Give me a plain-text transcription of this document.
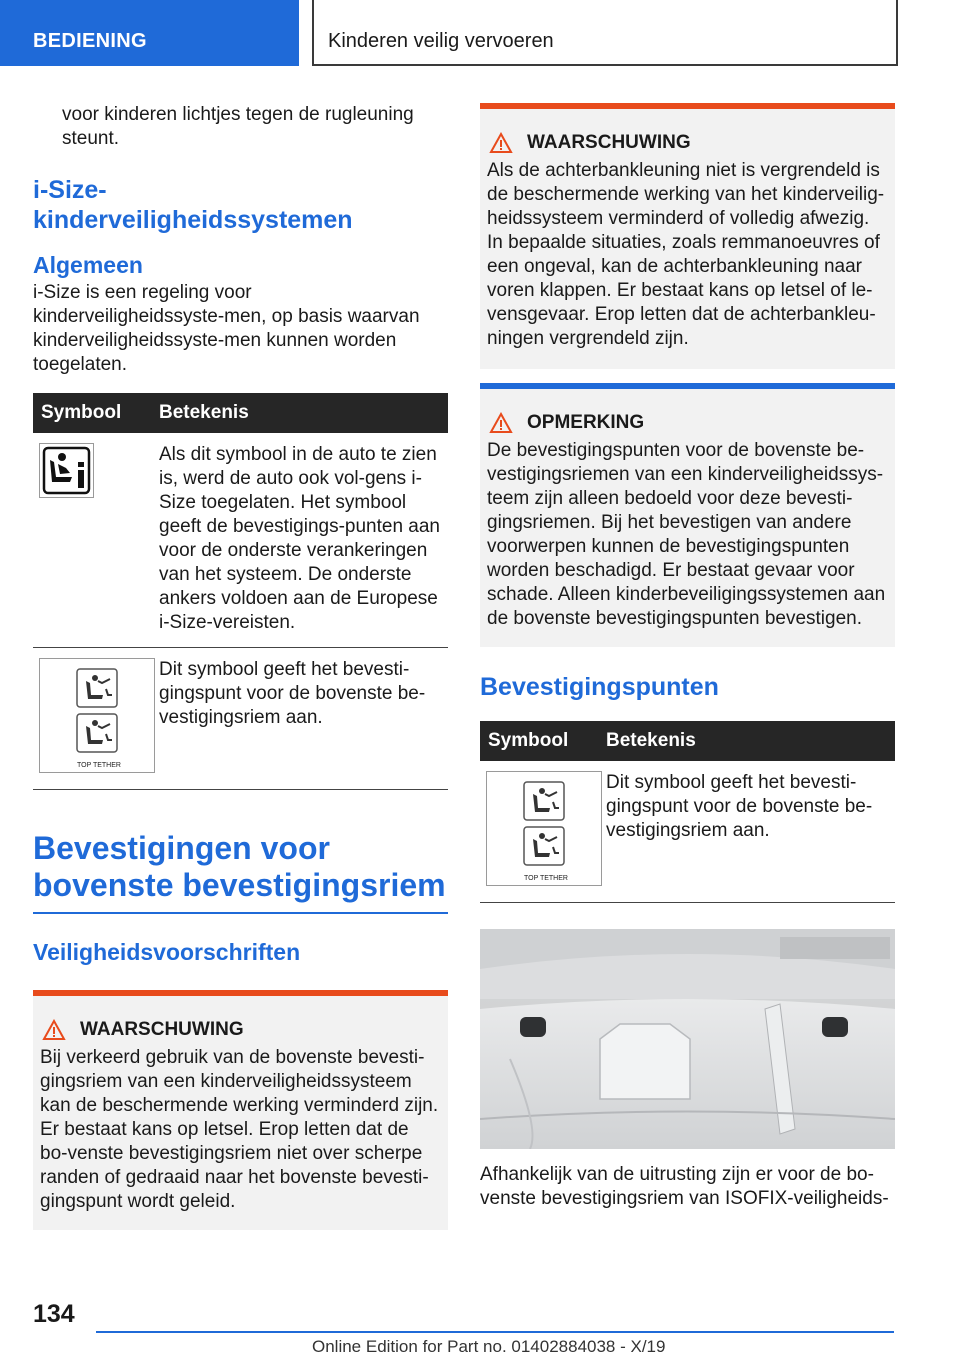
BEDIENING	Kinderen veilig vervoeren

voor kinderen lichtjes tegen de rugleuning steunt.

i-Size-kinderveiligheidssystemen
Algemeen

i-Size is een regeling voor kinderveiligheidssyste-men, op basis waarvan kinderveiligheidssyste-men kunnen worden toegelaten.

Symbool	Betekenis
	Als dit symbool in de auto te zien is, werd de auto ook vol-gens i-Size toegelaten. Het symbool geeft de bevestigings-punten aan voor de onderste verankeringen van het systeem. De onderste ankers voldoen aan de Europese i-Size-vereisten.

TOP TETHER	Dit symbool geeft het bevesti-gingspunt voor de bovenste be-vestigingsriem aan.
Bevestigingen voor bovenste bevestigingsriem
Veiligheidsvoorschriften
WAARSCHUWING

Bij verkeerd gebruik van de bovenste bevesti-gingsriem van een kinderveiligheidssysteem kan de beschermende werking verminderd zijn. Er bestaat kans op letsel. Erop letten dat de bo-venste bevestigingsriem niet over scherpe randen of gedraaid naar het bovenste bevesti-gingspunt wordt geleid.

WAARSCHUWING

Als de achterbankleuning niet is vergrendeld is de beschermende werking van het kinderveilig-heidssysteem verminderd of volledig afwezig. In bepaalde situaties, zoals remmanoeuvres of een ongeval, kan de achterbankleuning naar voren klappen. Er bestaat kans op letsel of le-vensgevaar. Erop letten dat de achterbankleu-ningen vergrendeld zijn.

OPMERKING

De bevestigingspunten voor de bovenste be-vestigingsriemen van een kinderveiligheidssys-teem zijn alleen bedoeld voor deze bevesti-gingsriemen. Bij het bevestigen van andere voorwerpen kunnen de bevestigingspunten worden beschadigd. Er bestaat gevaar voor schade. Alleen kinderbeveiligingssystemen aan de bovenste bevestigingspunten bevestigen.

Bevestigingspunten
Symbool	Betekenis

TOP TETHER	Dit symbool geeft het bevesti-gingspunt voor de bovenste be-vestigingsriem aan.

Afhankelijk van de uitrusting zijn er voor de bo-venste bevestigingsriem van ISOFIX-veiligheids-

134
Online Edition for Part no. 01402884038 - X/19
